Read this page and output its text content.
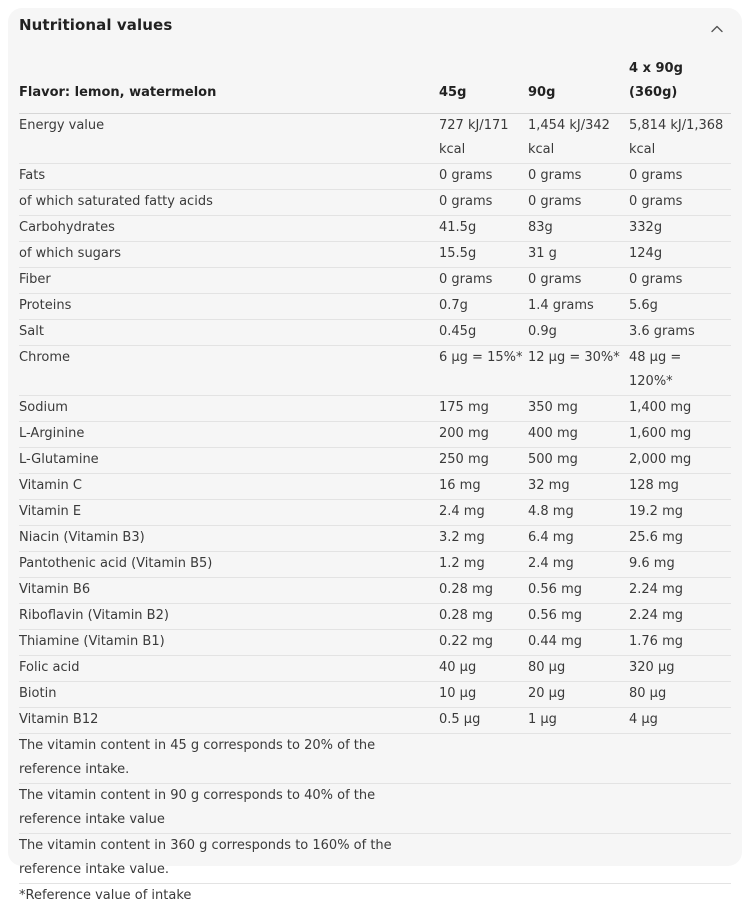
Nutritional values
Flavor: lemon, watermelon	45g	90g	4 x 90g (360g)
Energy value	727 kJ/171 kcal	1,454 kJ/342 kcal	5,814 kJ/1,368 kcal
Fats	0 grams	0 grams	0 grams
of which saturated fatty acids	0 grams	0 grams	0 grams
Carbohydrates	41.5g	83g	332g
of which sugars	15.5g	31 g	124g
Fiber	0 grams	0 grams	0 grams
Proteins	0.7g	1.4 grams	5.6g
Salt	0.45g	0.9g	3.6 grams
Chrome	6 µg = 15%*	12 µg = 30%*	48 µg = 120%*
Sodium	175 mg	350 mg	1,400 mg
L-Arginine	200 mg	400 mg	1,600 mg
L-Glutamine	250 mg	500 mg	2,000 mg
Vitamin C	16 mg	32 mg	128 mg
Vitamin E	2.4 mg	4.8 mg	19.2 mg
Niacin (Vitamin B3)	3.2 mg	6.4 mg	25.6 mg
Pantothenic acid (Vitamin B5)	1.2 mg	2.4 mg	9.6 mg
Vitamin B6	0.28 mg	0.56 mg	2.24 mg
Riboflavin (Vitamin B2)	0.28 mg	0.56 mg	2.24 mg
Thiamine (Vitamin B1)	0.22 mg	0.44 mg	1.76 mg
Folic acid	40 µg	80 µg	320 µg
Biotin	10 µg	20 µg	80 µg
Vitamin B12	0.5 µg	1 µg	4 µg
The vitamin content in 45 g corresponds to 20% of the reference intake.			
The vitamin content in 90 g corresponds to 40% of the reference intake value			
The vitamin content in 360 g corresponds to 160% of the reference intake value.			
*Reference value of intake			
